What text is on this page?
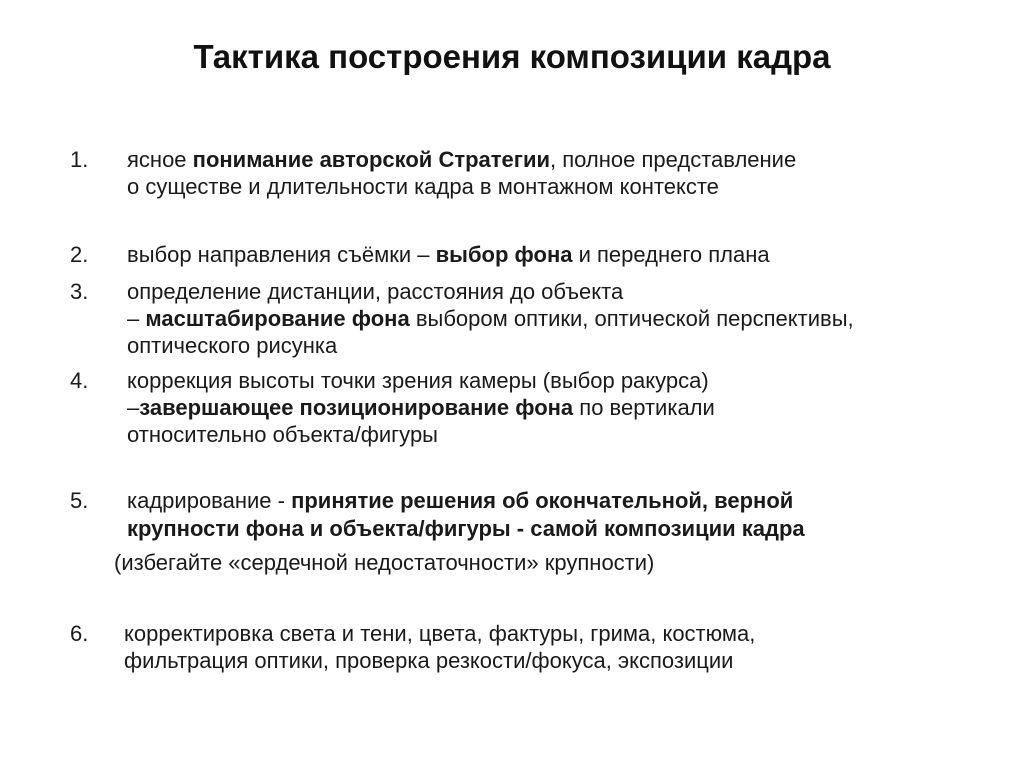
Тактика построения композиции кадра
1. ясное понимание авторской Стратегии, полное представление
о существе и длительности кадра в монтажном контексте
2. выбор направления съёмки – выбор фона и переднего плана
3. определение дистанции, расстояния до объекта
– масштабирование фона выбором оптики, оптической перспективы,
оптического рисунка
4. коррекция высоты точки зрения камеры (выбор ракурса)
–завершающее позиционирование фона по вертикали
относительно объекта/фигуры
5. кадрирование - принятие решения об окончательной, верной
крупности фона и объекта/фигуры - самой композиции кадра
(избегайте «сердечной недостаточности» крупности)
6. корректировка света и тени, цвета, фактуры, грима, костюма,
фильтрация оптики, проверка резкости/фокуса, экспозиции
